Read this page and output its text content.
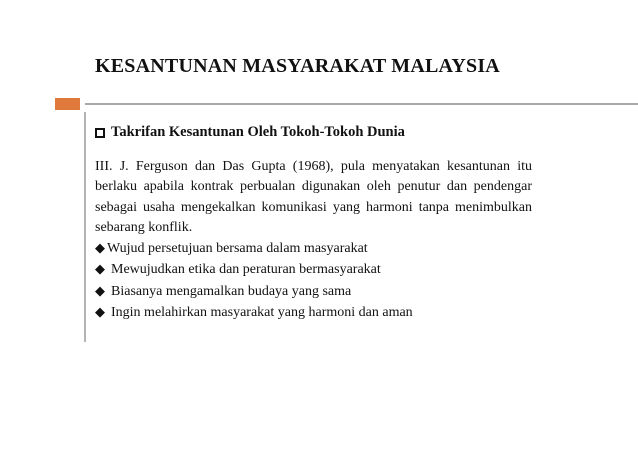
KESANTUNAN MASYARAKAT MALAYSIA
Takrifan Kesantunan Oleh Tokoh-Tokoh Dunia

III. J. Ferguson dan Das Gupta (1968), pula menyatakan kesantunan itu berlaku apabila kontrak perbualan digunakan oleh penutur dan pendengar sebagai usaha mengekalkan komunikasi yang harmoni tanpa menimbulkan sebarang konflik.

◆ Wujud persetujuan bersama dalam masyarakat
◆ Mewujudkan etika dan peraturan bermasyarakat
◆ Biasanya mengamalkan budaya yang sama
◆ Ingin melahirkan masyarakat yang harmoni dan aman
